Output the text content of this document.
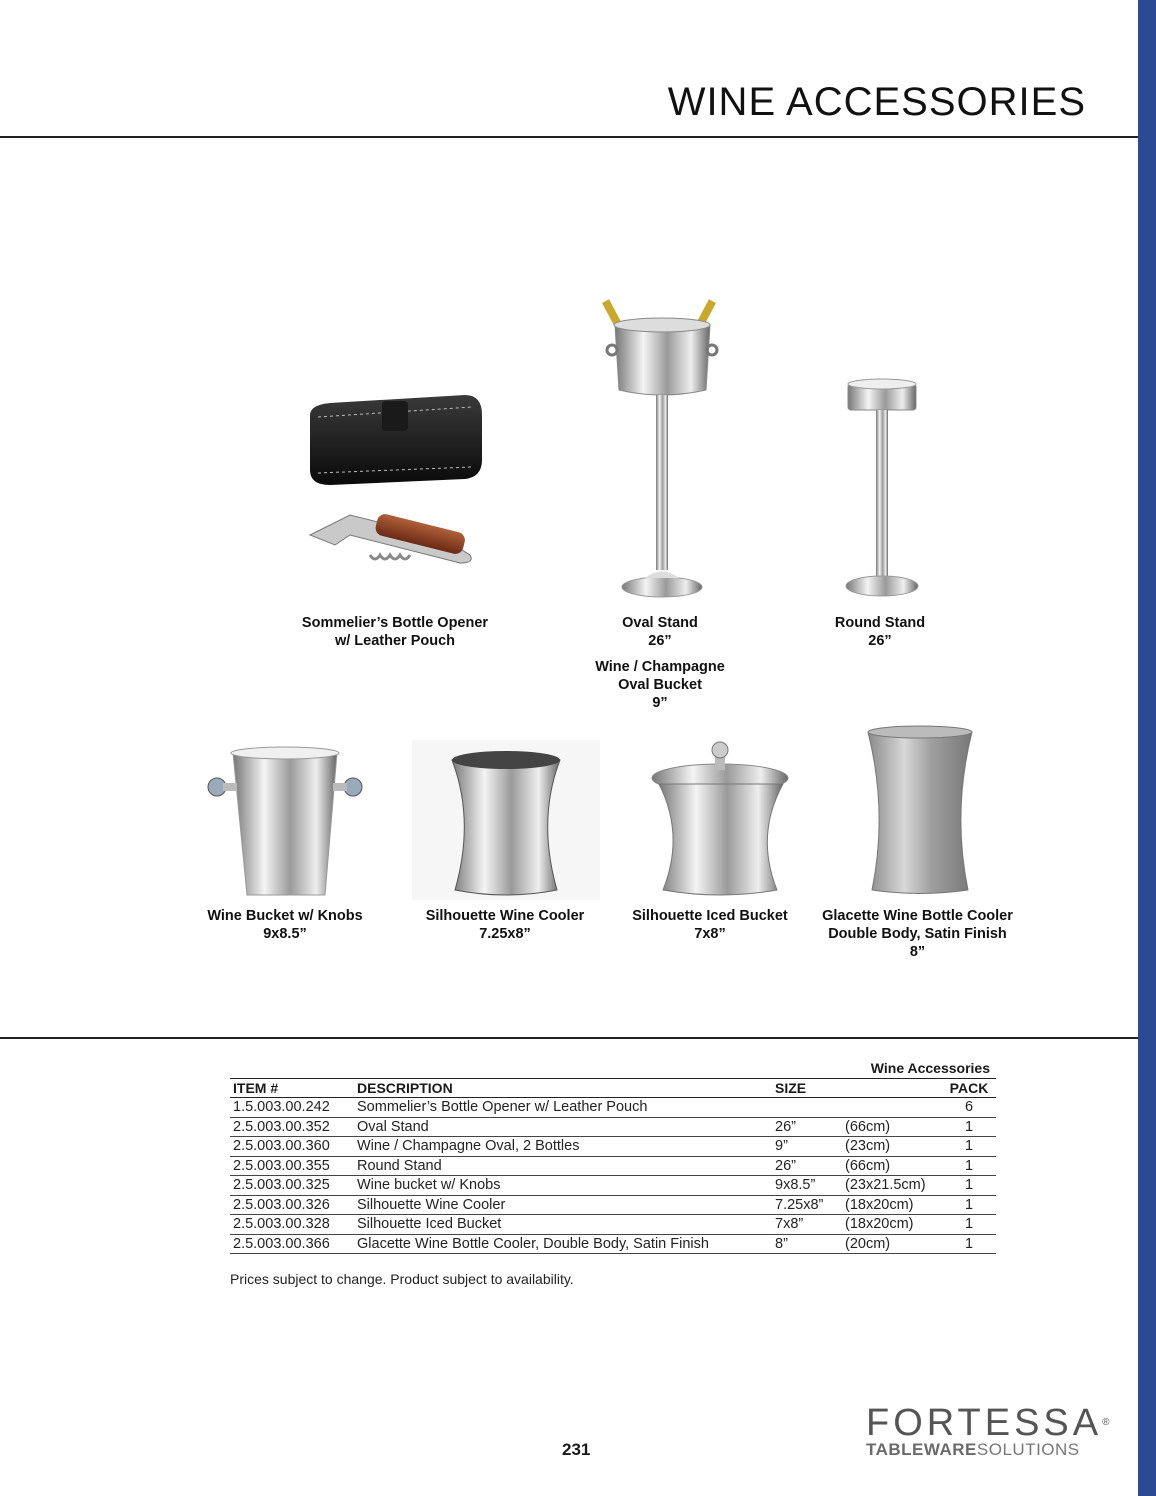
WINE ACCESSORIES
Sommelier’s Bottle Opener
w/ Leather Pouch
Oval Stand
26”
Wine / Champagne
Oval Bucket
9”
Round Stand
26”
Wine Bucket w/ Knobs
9x8.5”
Silhouette Wine Cooler
7.25x8”
Silhouette Iced Bucket
7x8”
Glacette Wine Bottle Cooler
Double Body, Satin Finish
8”
Wine Accessories
ITEM #	DESCRIPTION	SIZE		PACK
1.5.003.00.242	Sommelier’s Bottle Opener w/ Leather Pouch			6
2.5.003.00.352	Oval Stand	26”	(66cm)	1
2.5.003.00.360	Wine / Champagne Oval, 2 Bottles	9”	(23cm)	1
2.5.003.00.355	Round Stand	26”	(66cm)	1
2.5.003.00.325	Wine bucket w/ Knobs	9x8.5”	(23x21.5cm)	1
2.5.003.00.326	Silhouette Wine Cooler	7.25x8”	(18x20cm)	1
2.5.003.00.328	Silhouette Iced Bucket	7x8”	(18x20cm)	1
2.5.003.00.366	Glacette Wine Bottle Cooler, Double Body, Satin Finish	8”	(20cm)	1
Prices subject to change. Product subject to availability.
231
FORTESSA®
TABLEWARESOLUTIONS
